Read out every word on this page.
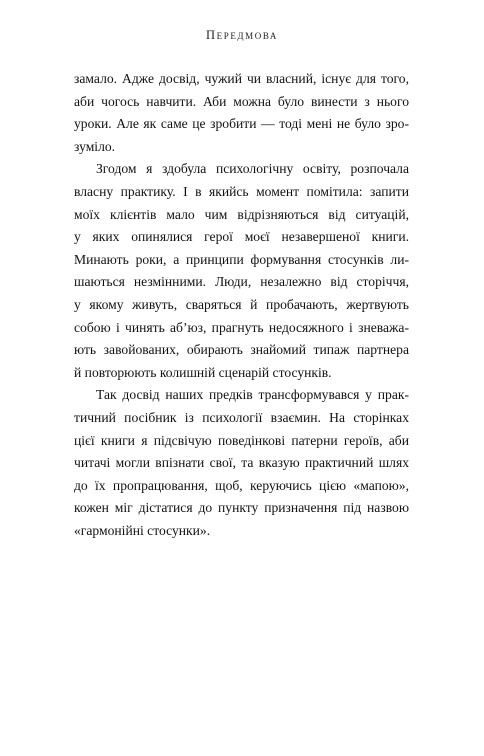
Передмова
замало. Адже досвід, чужий чи власний, існує для того,
аби чогось навчити. Аби можна було винести з нього
уроки. Але як саме це зробити — тоді мені не було зро-
зуміло.
Згодом я здобула психологічну освіту, розпочала
власну практику. І в якийсь момент помітила: запити
моїх клієнтів мало чим відрізняються від ситуацій,
у яких опинялися герої моєї незавершеної книги.
Минають роки, а принципи формування стосунків ли-
шаються незмінними. Люди, незалежно від сторіччя,
у якому живуть, сваряться й пробачають, жертвують
собою і чинять аб’юз, прагнуть недосяжного і зневажа-
ють завойованих, обирають знайомий типаж партнера
й повторюють колишній сценарій стосунків.
Так досвід наших предків трансформувався у прак-
тичний посібник із психології взаємин. На сторінках
цієї книги я підсвічую поведінкові патерни героїв, аби
читачі могли впізнати свої, та вказую практичний шлях
до їх пропрацювання, щоб, керуючись цією «мапою»,
кожен міг дістатися до пункту призначення під назвою
«гармонійні стосунки».
